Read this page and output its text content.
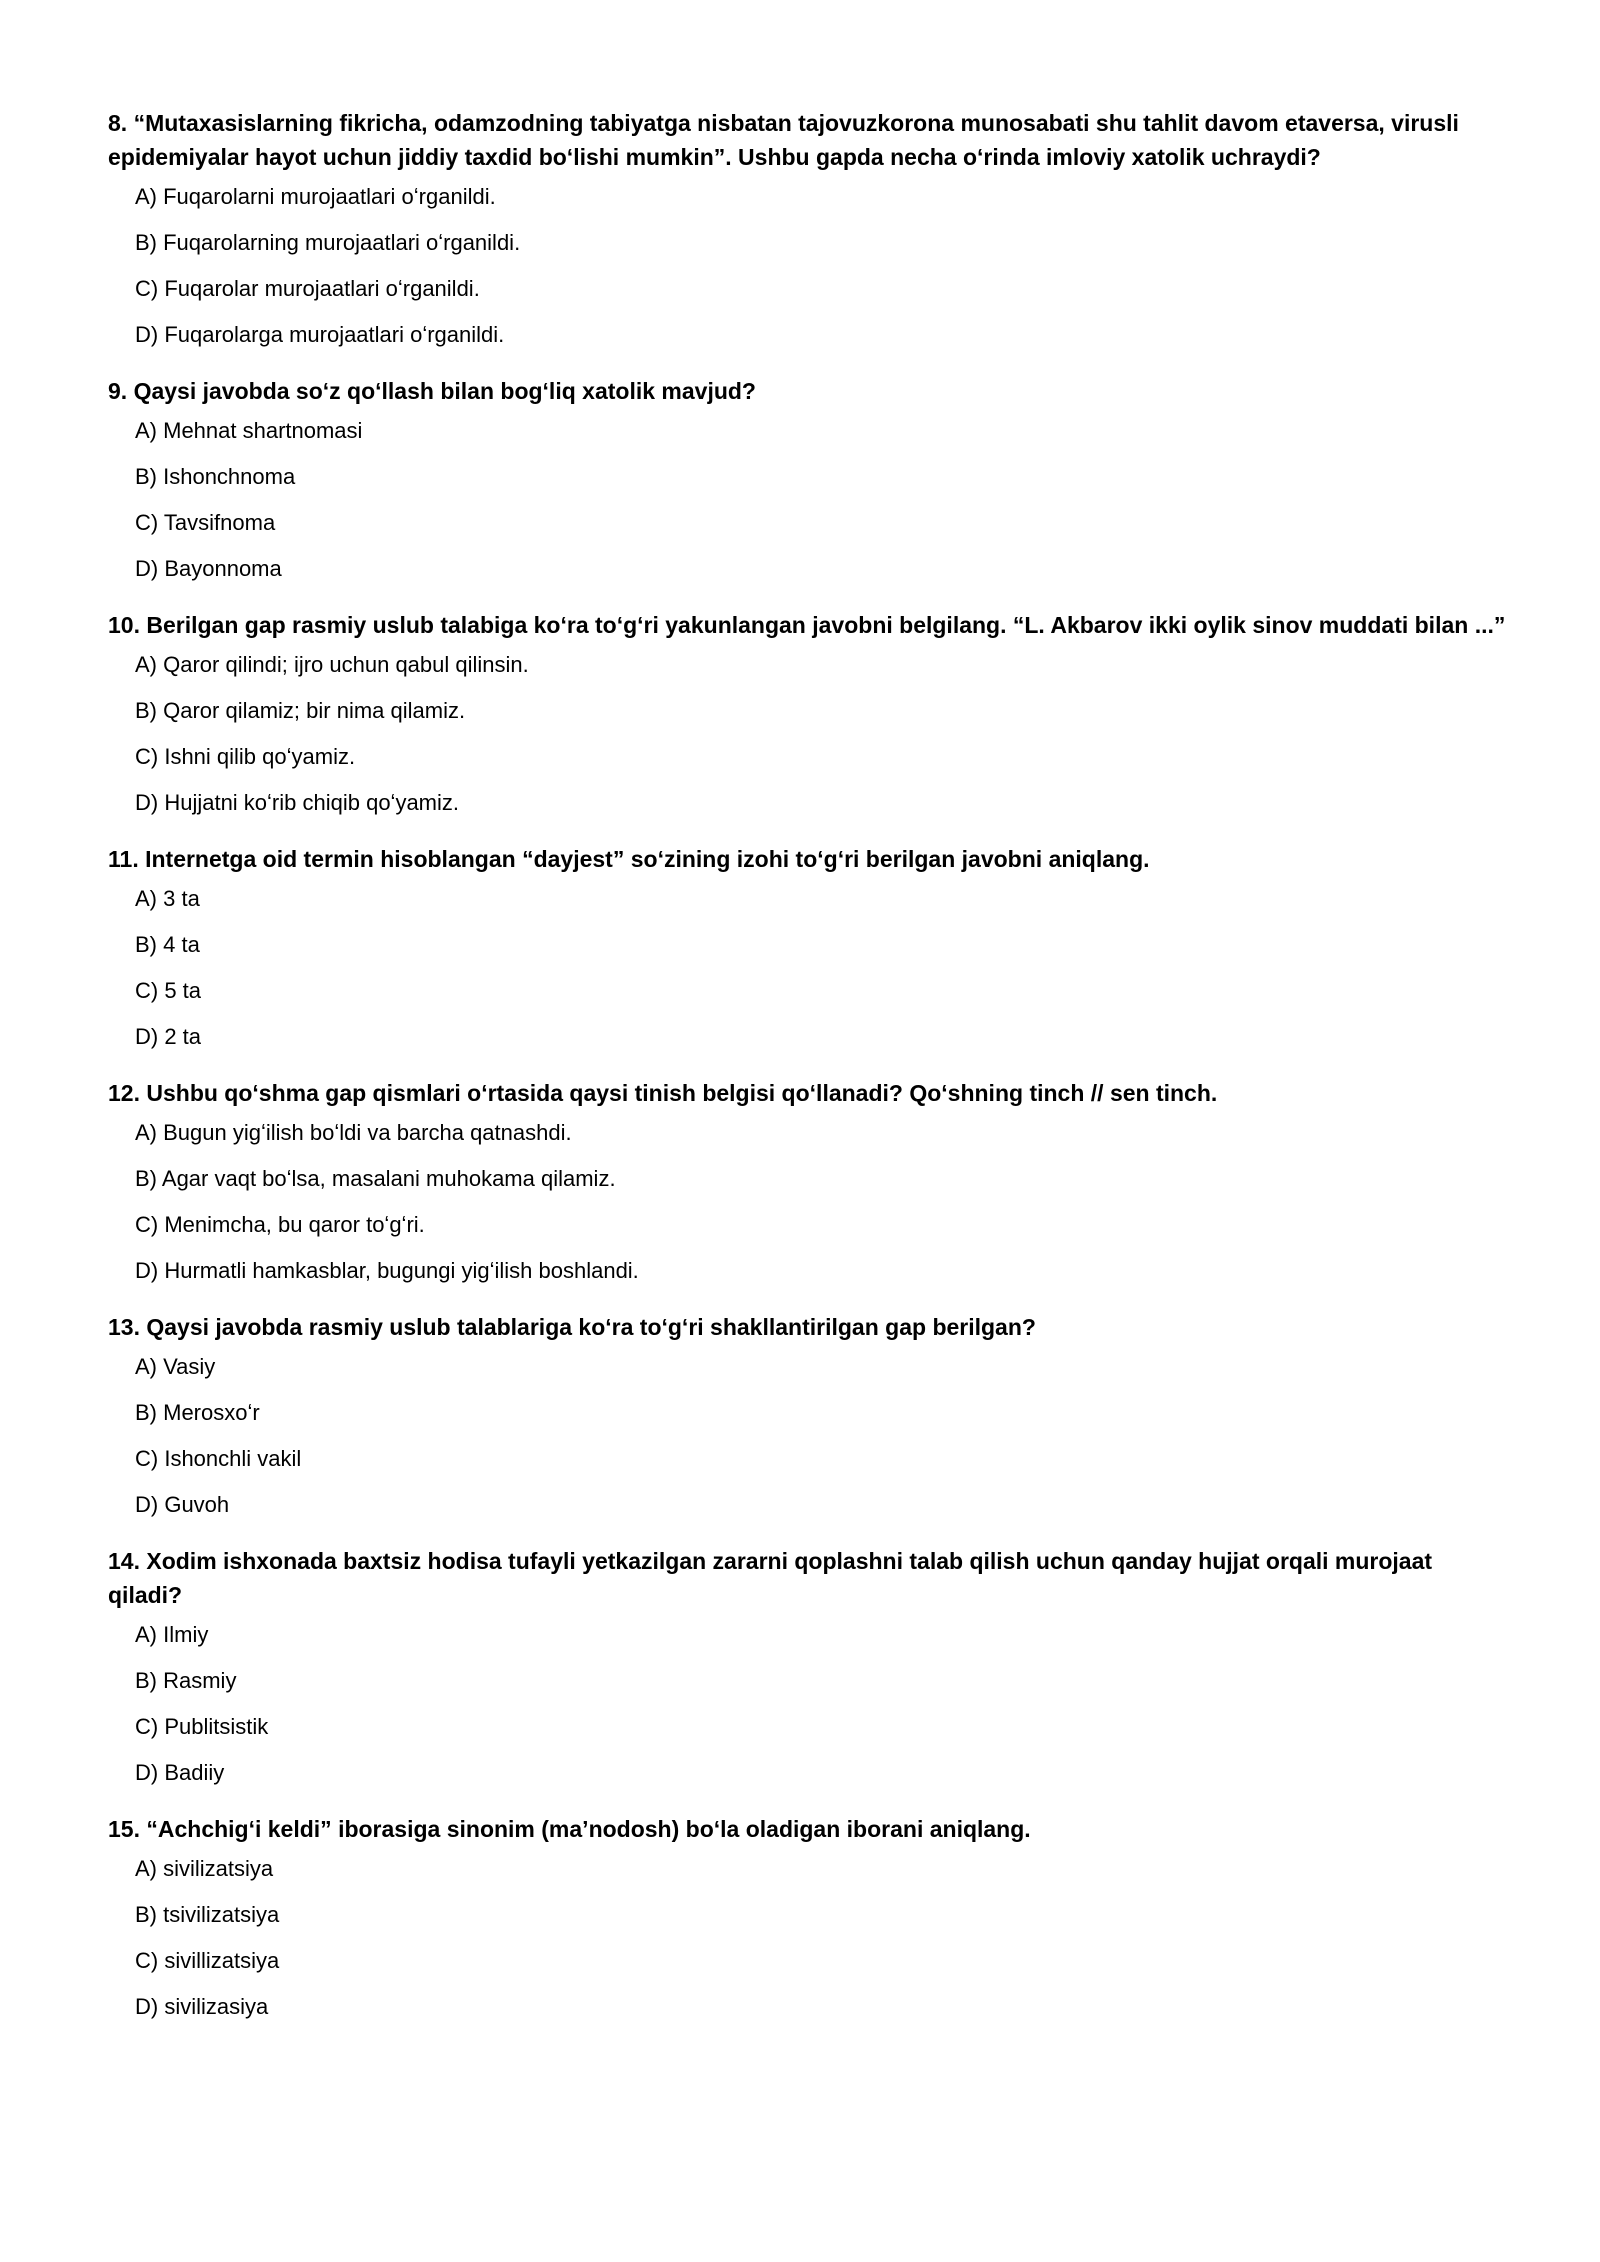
8. “Mutaxasislarning fikricha, odamzodning tabiyatga nisbatan tajovuzkorona munosabati shu tahlit davom etaversa, virusli epidemiyalar hayot uchun jiddiy taxdid boʻlishi mumkin”. Ushbu gapda necha oʻrinda imloviy xatolik uchraydi?

A) Fuqarolarni murojaatlari oʻrganildi.
B) Fuqarolarning murojaatlari oʻrganildi.
C) Fuqarolar murojaatlari oʻrganildi.
D) Fuqarolarga murojaatlari oʻrganildi.

9. Qaysi javobda soʻz qoʻllash bilan bogʻliq xatolik mavjud?

A) Mehnat shartnomasi
B) Ishonchnoma
C) Tavsifnoma
D) Bayonnoma

10. Berilgan gap rasmiy uslub talabiga koʻra toʻgʻri yakunlangan javobni belgilang. “L. Akbarov ikki oylik sinov muddati bilan ...”

A) Qaror qilindi; ijro uchun qabul qilinsin.
B) Qaror qilamiz; bir nima qilamiz.
C) Ishni qilib qoʻyamiz.
D) Hujjatni koʻrib chiqib qoʻyamiz.

11. Internetga oid termin hisoblangan “dayjest” soʻzining izohi toʻgʻri berilgan javobni aniqlang.

A) 3 ta
B) 4 ta
C) 5 ta
D) 2 ta

12. Ushbu qoʻshma gap qismlari oʻrtasida qaysi tinish belgisi qoʻllanadi? Qoʻshning tinch // sen tinch.

A) Bugun yigʻilish boʻldi va barcha qatnashdi.
B) Agar vaqt boʻlsa, masalani muhokama qilamiz.
C) Menimcha, bu qaror toʻgʻri.
D) Hurmatli hamkasblar, bugungi yigʻilish boshlandi.

13. Qaysi javobda rasmiy uslub talablariga koʻra toʻgʻri shakllantirilgan gap berilgan?

A) Vasiy
B) Merosxoʻr
C) Ishonchli vakil
D) Guvoh

14. Xodim ishxonada baxtsiz hodisa tufayli yetkazilgan zararni qoplashni talab qilish uchun qanday hujjat orqali murojaat qiladi?

A) Ilmiy
B) Rasmiy
C) Publitsistik
D) Badiiy

15. “Achchigʻi keldi” iborasiga sinonim (ma’nodosh) boʻla oladigan iborani aniqlang.

A) sivilizatsiya
B) tsivilizatsiya
C) sivillizatsiya
D) sivilizasiya
